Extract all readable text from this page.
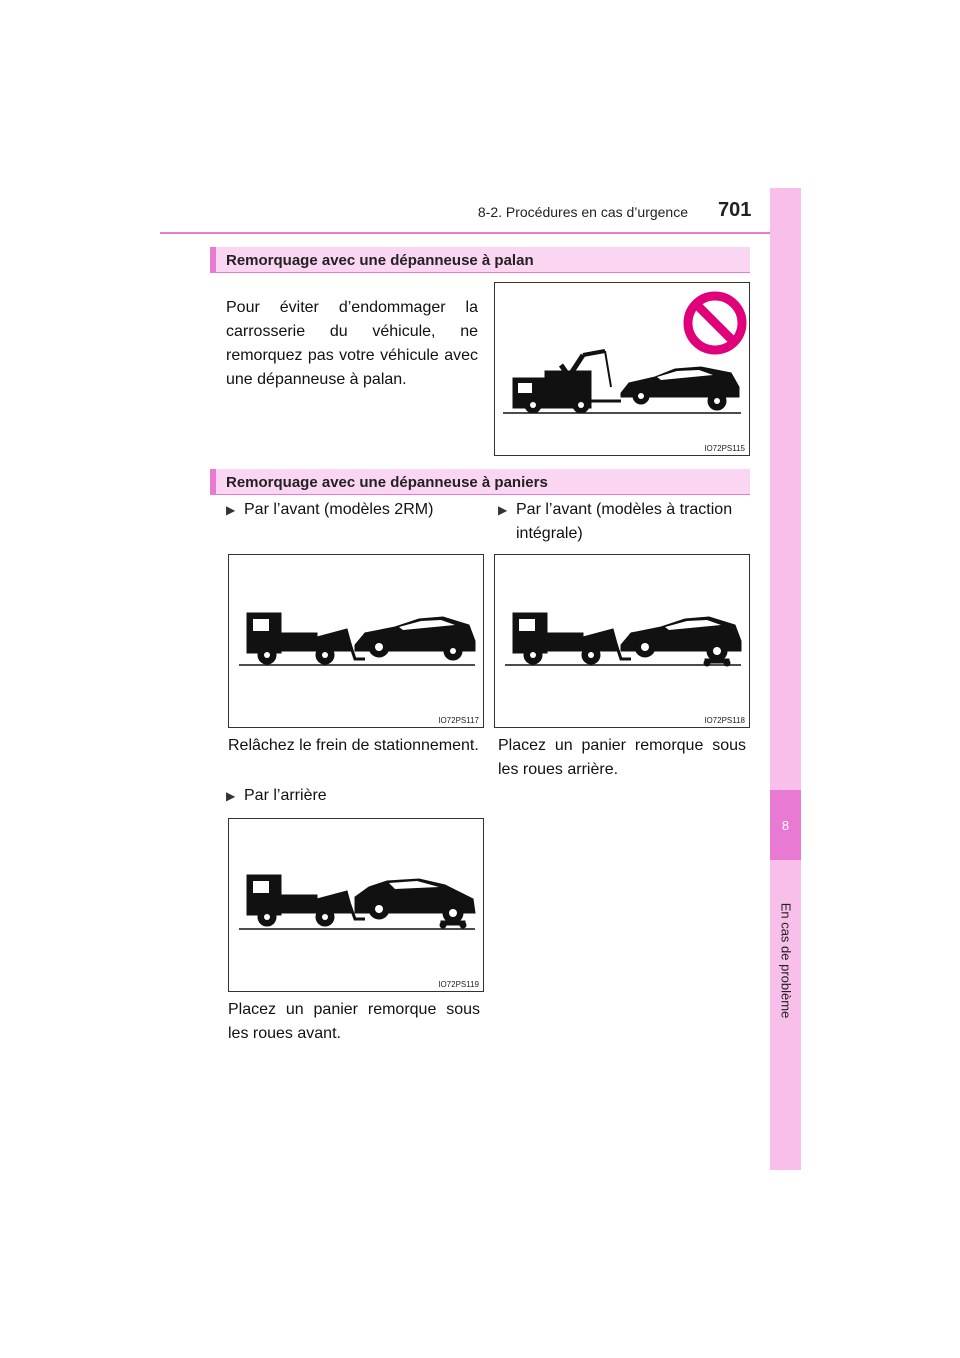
8-2. Procédures en cas d’urgence 701
8
En cas de problème
Remorquage avec une dépanneuse à palan
Pour éviter d’endommager la carrosserie du véhicule, ne remorquez pas votre véhicule avec une dépanneuse à palan.
IO72PS115
Remorquage avec une dépanneuse à paniers
▶ Par l’avant (modèles 2RM)	▶ Par l’avant (modèles à traction intégrale)
IO72PS117	IO72PS118
Relâchez le frein de stationnement. Placez un panier remorque sous les roues arrière.
▶ Par l’arrière
IO72PS119
Placez un panier remorque sous les roues avant.
